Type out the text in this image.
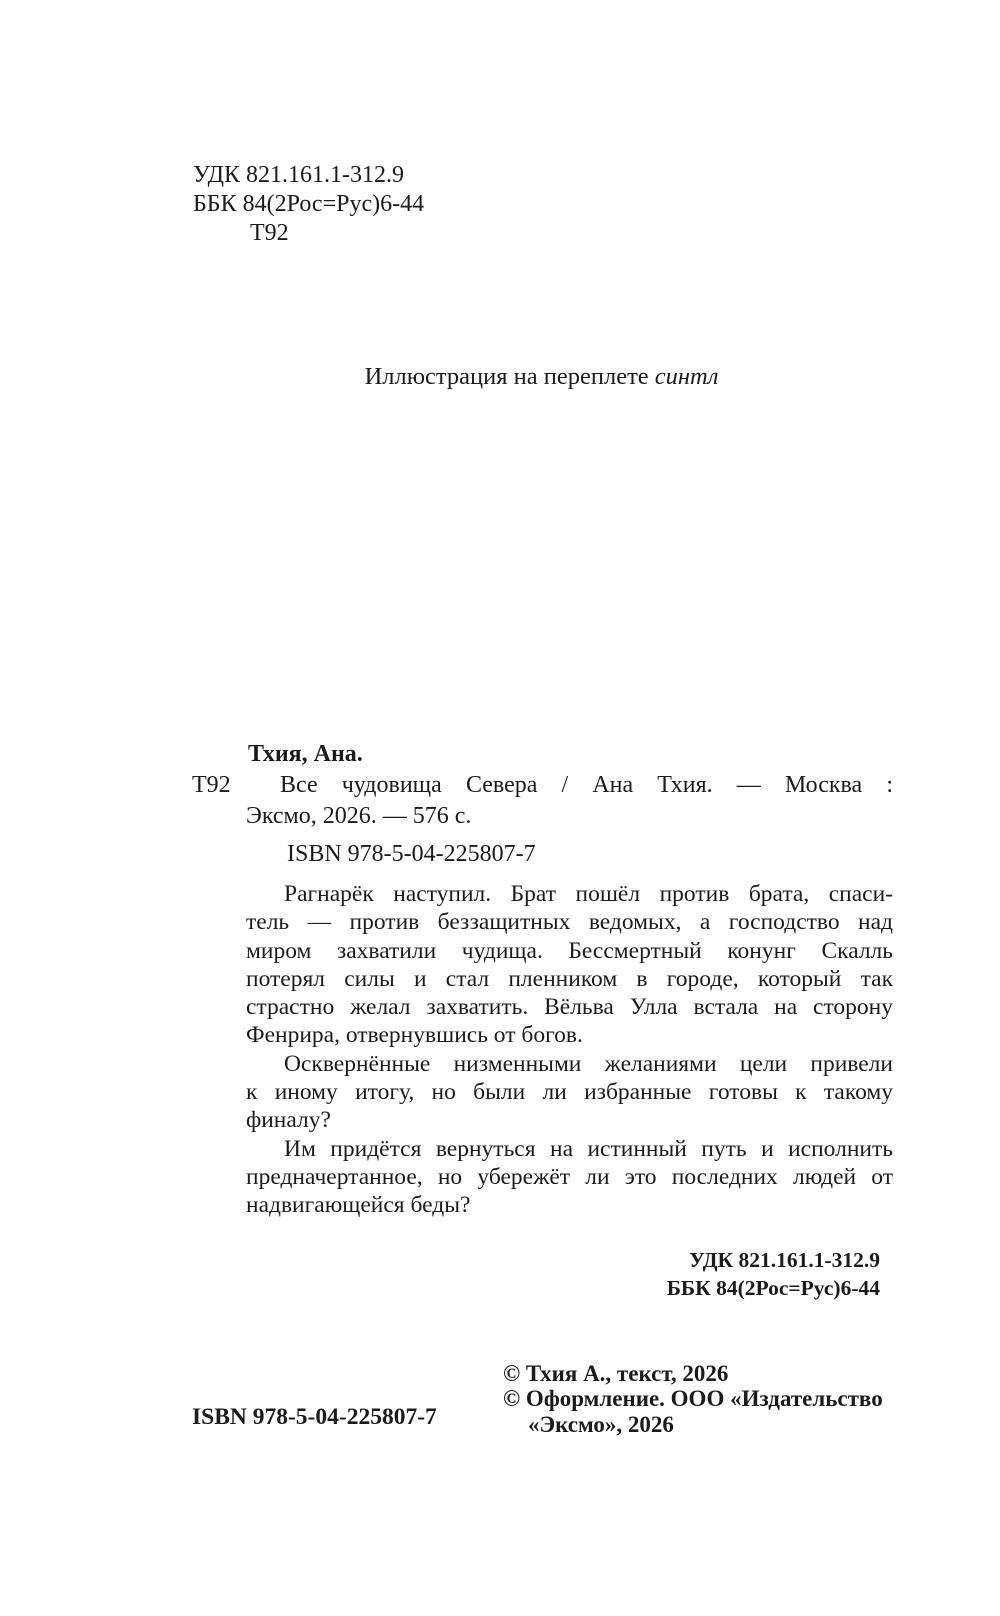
УДК 821.161.1-312.9
ББК 84(2Рос=Рус)6-44
Т92
Иллюстрация на переплете синтл
Тхия, Ана.
Т92	Все чудовища Севера / Ана Тхия. — Москва :
Эксмо, 2026. — 576 с.
ISBN 978-5-04-225807-7
Рагнарёк наступил. Брат пошёл против брата, спаси-
тель — против беззащитных ведомых, а господство над
миром захватили чудища. Бессмертный конунг Скалль
потерял силы и стал пленником в городе, который так
страстно желал захватить. Вёльва Улла встала на сторону
Фенрира, отвернувшись от богов.
Осквернённые низменными желаниями цели привели
к иному итогу, но были ли избранные готовы к такому
финалу?
Им придётся вернуться на истинный путь и исполнить
предначертанное, но убережёт ли это последних людей от
надвигающейся беды?
УДК 821.161.1-312.9
ББК 84(2Рос=Рус)6-44
ISBN 978-5-04-225807-7
© Тхия А., текст, 2026
© Оформление. ООО «Издательство
«Эксмо», 2026
